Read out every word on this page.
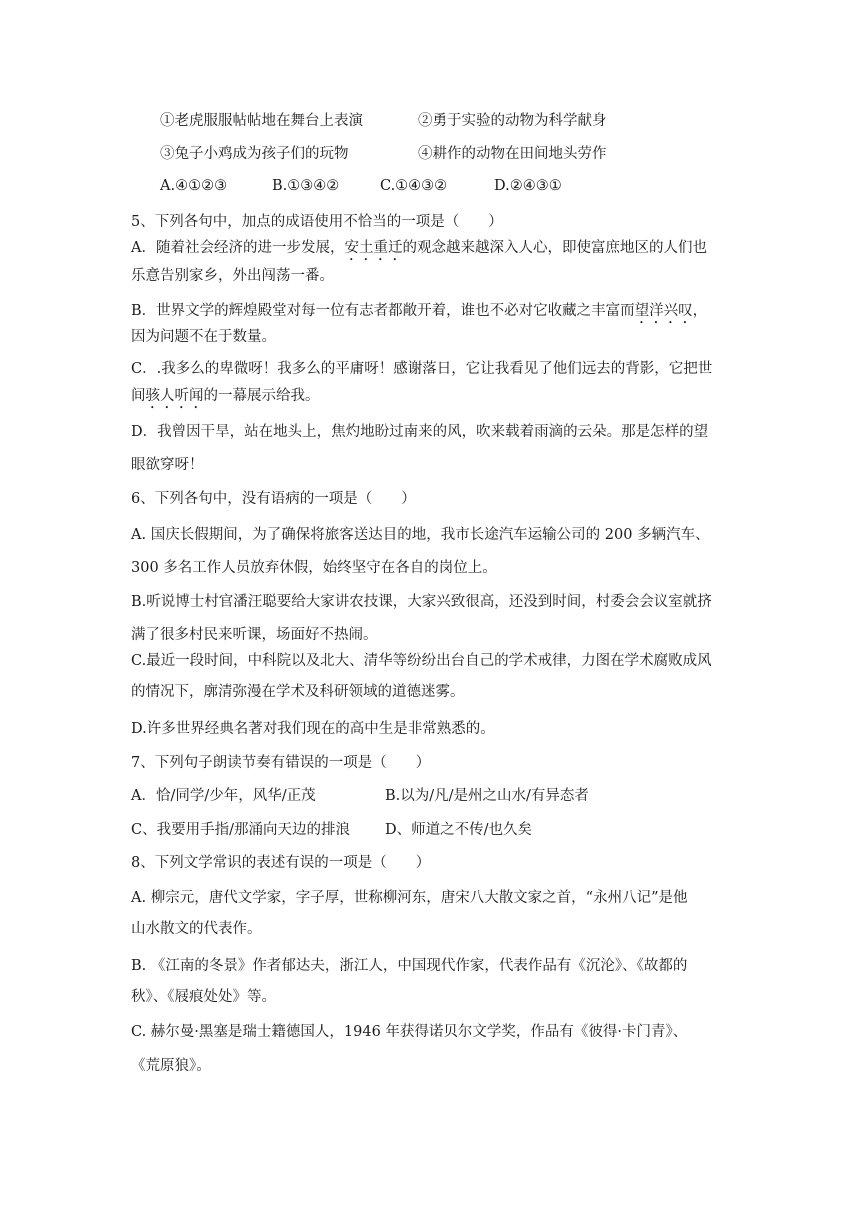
①老虎服服帖帖地在舞台上表演	②勇于实验的动物为科学献身
③兔子小鸡成为孩子们的玩物	④耕作的动物在田间地头劳作
A.④①②③	B.①③④②	C.①④③②	D.②④③①
5、下列各句中，加点的成语使用不恰当的一项是（　　）
A．随着社会经济的进一步发展，安土重迁的观念越来越深入人心，即使富庶地区的人们也
乐意告别家乡，外出闯荡一番。
B．世界文学的辉煌殿堂对每一位有志者都敞开着，谁也不必对它收藏之丰富而望洋兴叹，
因为问题不在于数量。
C．.我多么的卑微呀！我多么的平庸呀！感谢落日，它让我看见了他们远去的背影，它把世
间骇人听闻的一幕展示给我。
D．我曾因干旱，站在地头上，焦灼地盼过南来的风，吹来载着雨滴的云朵。那是怎样的望
眼欲穿呀！
6、下列各句中，没有语病的一项是（　　）
A. 国庆长假期间，为了确保将旅客送达目的地，我市长途汽车运输公司的 200 多辆汽车、
300 多名工作人员放弃休假，始终坚守在各自的岗位上。
B.听说博士村官潘汪聪要给大家讲农技课，大家兴致很高，还没到时间，村委会会议室就挤
满了很多村民来听课，场面好不热闹。
C.最近一段时间，中科院以及北大、清华等纷纷出台自己的学术戒律，力图在学术腐败成风
的情况下，廓清弥漫在学术及科研领域的道德迷雾。
D.许多世界经典名著对我们现在的高中生是非常熟悉的。
7、下列句子朗读节奏有错误的一项是（　　）
A．恰/同学/少年，风华/正茂	B.以为/凡/是州之山水/有异态者
C、我要用手指/那涌向天边的排浪 D、师道之不传/也久矣
8、下列文学常识的表述有误的一项是（　　）
A. 柳宗元，唐代文学家，字子厚，世称柳河东，唐宋八大散文家之首，“永州八记”是他
山水散文的代表作。
B. 《江南的冬景》作者郁达夫，浙江人，中国现代作家，代表作品有《沉沦》、《故都的
秋》、《屐痕处处》等。
C. 赫尔曼·黑塞是瑞士籍德国人，1946 年获得诺贝尔文学奖，作品有《彼得·卡门青》、
《荒原狼》。
